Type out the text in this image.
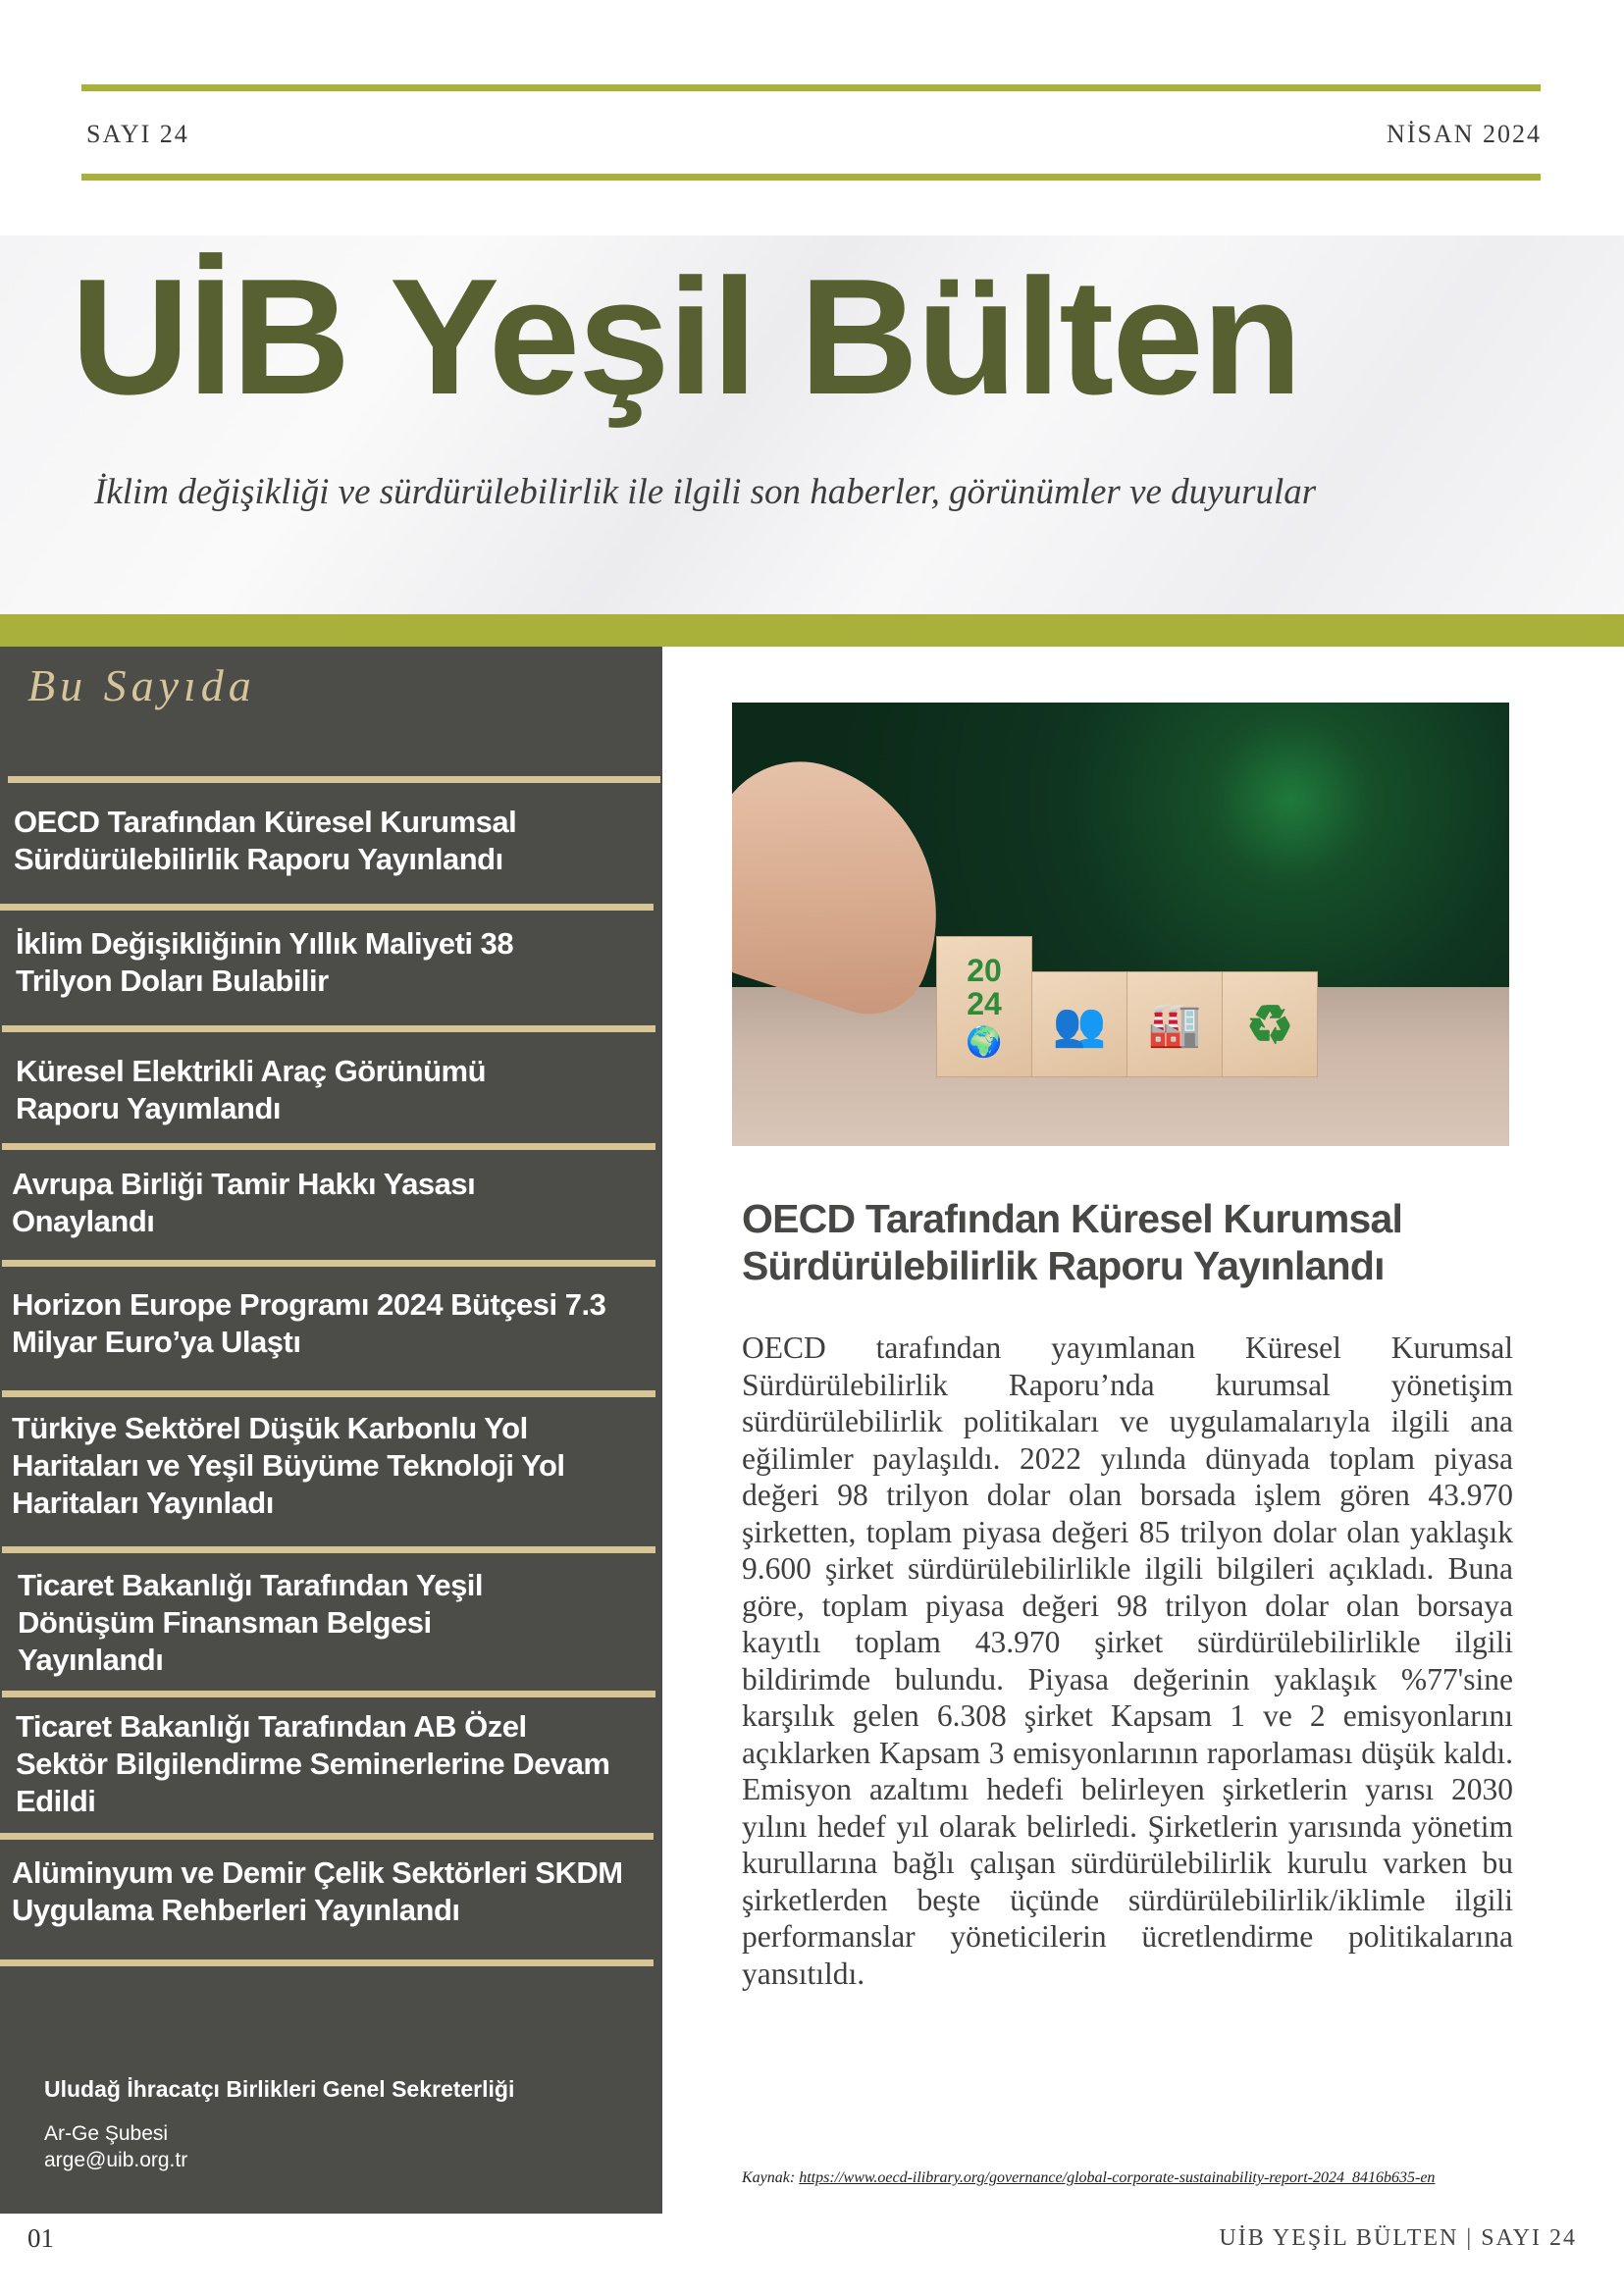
SAYI 24	NİSAN 2024
UİB Yeşil Bülten
İklim değişikliği ve sürdürülebilirlik ile ilgili son haberler, görünümler ve duyurular
Bu Sayıda
OECD Tarafından Küresel Kurumsal Sürdürülebilirlik Raporu Yayınlandı
İklim Değişikliğinin Yıllık Maliyeti 38 Trilyon Doları Bulabilir
Küresel Elektrikli Araç Görünümü Raporu Yayımlandı
Avrupa Birliği Tamir Hakkı Yasası Onaylandı
Horizon Europe Programı 2024 Bütçesi 7.3 Milyar Euro’ya Ulaştı
Türkiye Sektörel Düşük Karbonlu Yol Haritaları ve Yeşil Büyüme Teknoloji Yol Haritaları Yayınladı
Ticaret Bakanlığı Tarafından Yeşil Dönüşüm Finansman Belgesi Yayınlandı
Ticaret Bakanlığı Tarafından AB Özel Sektör Bilgilendirme Seminerlerine Devam Edildi
Alüminyum ve Demir Çelik Sektörleri SKDM Uygulama Rehberleri Yayınlandı
Uludağ İhracatçı Birlikleri Genel Sekreterliği
Ar-Ge Şubesi
arge@uib.org.tr
20
24
🌍 👥 🏭 ♻
OECD Tarafından Küresel Kurumsal Sürdürülebilirlik Raporu Yayınlandı
OECD tarafından yayımlanan Küresel Kurumsal Sürdürülebilirlik Raporu’nda kurumsal yönetişim sürdürülebilirlik politikaları ve uygulamalarıyla ilgili ana eğilimler paylaşıldı. 2022 yılında dünyada toplam piyasa değeri 98 trilyon dolar olan borsada işlem gören 43.970 şirketten, toplam piyasa değeri 85 trilyon dolar olan yaklaşık 9.600 şirket sürdürülebilirlikle ilgili bilgileri açıkladı. Buna göre, toplam piyasa değeri 98 trilyon dolar olan borsaya kayıtlı toplam 43.970 şirket sürdürülebilirlikle ilgili bildirimde bulundu. Piyasa değerinin yaklaşık %77'sine karşılık gelen 6.308 şirket Kapsam 1 ve 2 emisyonlarını açıklarken Kapsam 3 emisyonlarının raporlaması düşük kaldı. Emisyon azaltımı hedefi belirleyen şirketlerin yarısı 2030 yılını hedef yıl olarak belirledi. Şirketlerin yarısında yönetim kurullarına bağlı çalışan sürdürülebilirlik kurulu varken bu şirketlerden beşte üçünde sürdürülebilirlik/iklimle ilgili performanslar yöneticilerin ücretlendirme politikalarına yansıtıldı.
Kaynak: https://www.oecd-ilibrary.org/governance/global-corporate-sustainability-report-2024_8416b635-en
01	UİB YEŞİL BÜLTEN | SAYI 24
